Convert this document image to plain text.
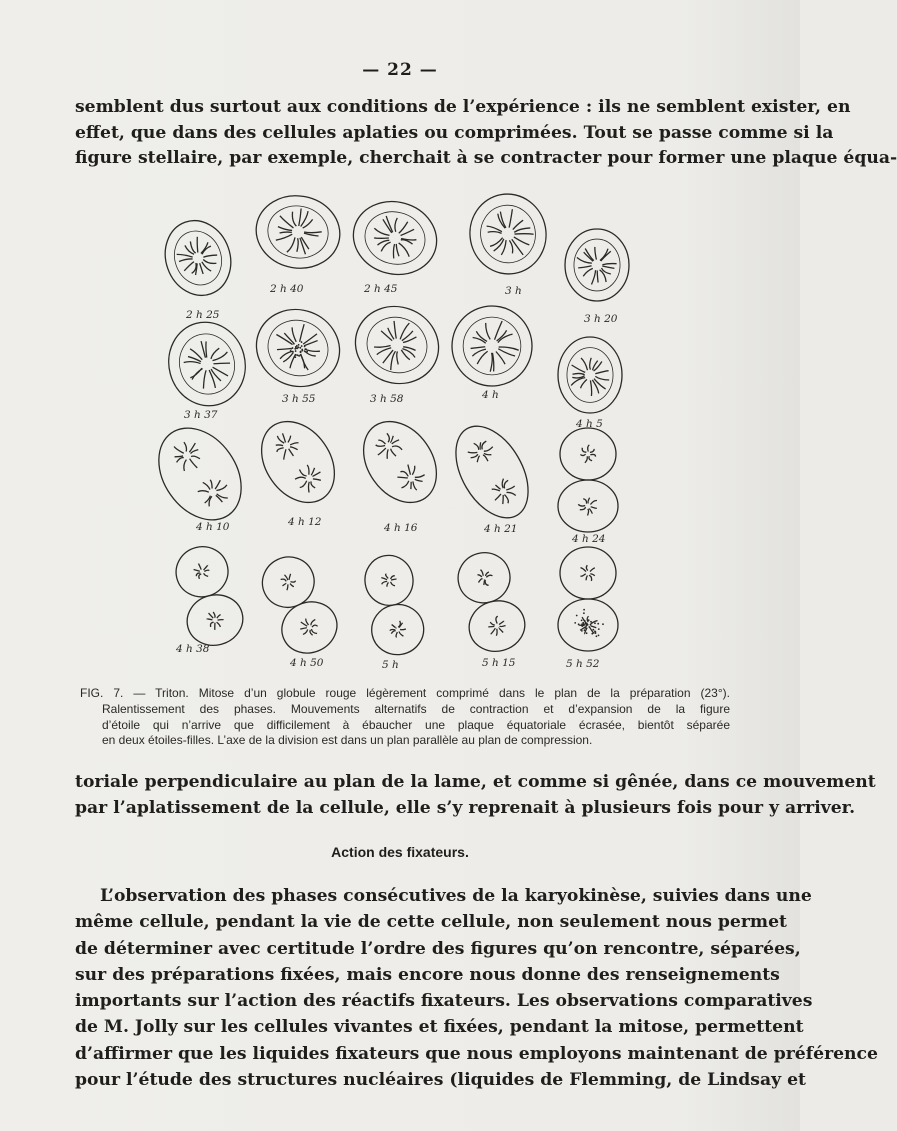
— 22 —
semblent dus surtout aux conditions de l’expérience : ils ne semblent exister, en
effet, que dans des cellules aplaties ou comprimées. Tout se passe comme si la
figure stellaire, par exemple, cherchait à se contracter pour former une plaque équa-
2 h 25
2 h 40	2 h 45	3 h
3 h 20
3 h 37
3 h 55	3 h 58	4 h
4 h 5
4 h 10	4 h 12	4 h 16	4 h 21
4 h 24
4 h 38
4 h 50	5 h	5 h 15	5 h 52
FIG. 7. — Triton. Mitose d’un globule rouge légèrement comprimé dans le plan de la préparation (23°).
Ralentissement des phases. Mouvements alternatifs de contraction et d’expansion de la figure
d’étoile qui n’arrive que difficilement à ébaucher une plaque équatoriale écrasée, bientôt séparée
en deux étoiles-filles. L’axe de la division est dans un plan parallèle au plan de compression.
toriale perpendiculaire au plan de la lame, et comme si gênée, dans ce mouvement
par l’aplatissement de la cellule, elle s’y reprenait à plusieurs fois pour y arriver.
Action des fixateurs.
L’observation des phases consécutives de la karyokinèse, suivies dans une
même cellule, pendant la vie de cette cellule, non seulement nous permet
de déterminer avec certitude l’ordre des figures qu’on rencontre, séparées,
sur des préparations fixées, mais encore nous donne des renseignements
importants sur l’action des réactifs fixateurs. Les observations comparatives
de M. Jolly sur les cellules vivantes et fixées, pendant la mitose, permettent
d’affirmer que les liquides fixateurs que nous employons maintenant de préférence
pour l’étude des structures nucléaires (liquides de Flemming, de Lindsay et
